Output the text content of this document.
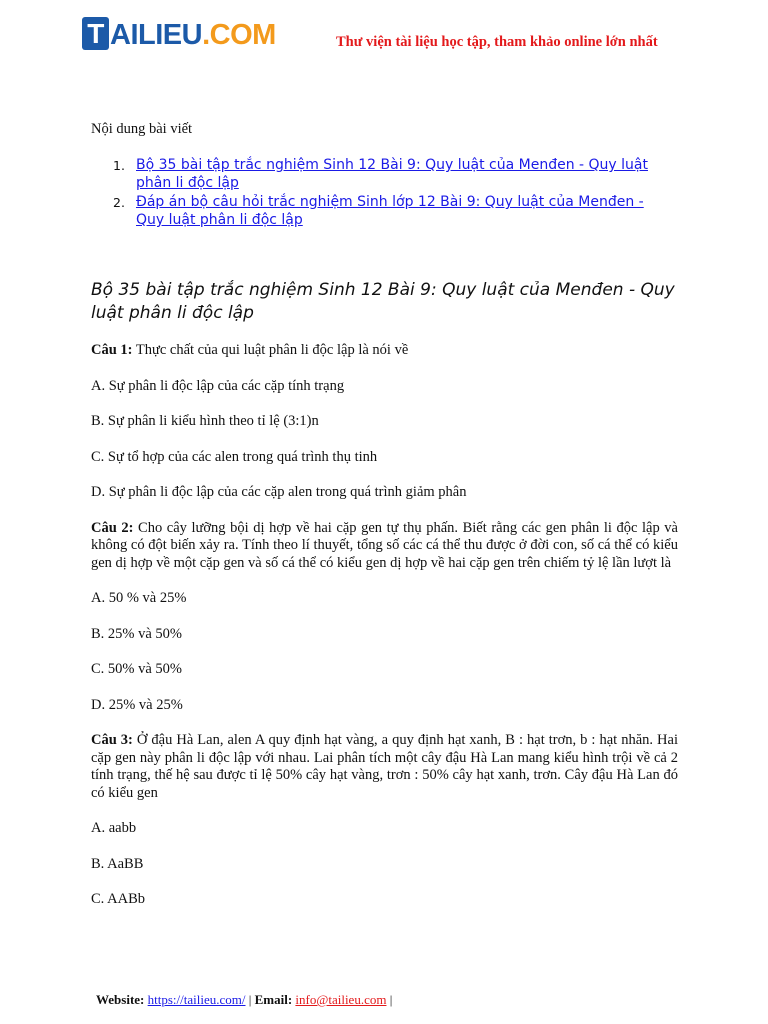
T AILIEU .COM	Thư viện tài liệu học tập, tham khảo online lớn nhất
Nội dung bài viết
1. Bộ 35 bài tập trắc nghiệm Sinh 12 Bài 9: Quy luật của Menđen - Quy luật phân li độc lập
2. Đáp án bộ câu hỏi trắc nghiệm Sinh lớp 12 Bài 9: Quy luật của Menđen - Quy luật phân li độc lập
Bộ 35 bài tập trắc nghiệm Sinh 12 Bài 9: Quy luật của Menđen - Quy luật phân li độc lập

Câu 1: Thực chất của qui luật phân li độc lập là nói về

A. Sự phân li độc lập của các cặp tính trạng

B. Sự phân li kiểu hình theo tỉ lệ (3:1)n

C. Sự tổ hợp của các alen trong quá trình thụ tinh

D. Sự phân li độc lập của các cặp alen trong quá trình giảm phân

Câu 2: Cho cây lưỡng bội dị hợp về hai cặp gen tự thụ phấn. Biết rằng các gen phân li độc lập và không có đột biến xảy ra. Tính theo lí thuyết, tổng số các cá thể thu được ở đời con, số cá thể có kiểu gen dị hợp về một cặp gen và số cá thể có kiểu gen dị hợp về hai cặp gen trên chiếm tỷ lệ lần lượt là

A. 50 % và 25%

B. 25% và 50%

C. 50% và 50%

D. 25% và 25%

Câu 3: Ở đậu Hà Lan, alen A quy định hạt vàng, a quy định hạt xanh, B : hạt trơn, b : hạt nhăn. Hai cặp gen này phân li độc lập với nhau. Lai phân tích một cây đậu Hà Lan mang kiểu hình trội về cả 2 tính trạng, thế hệ sau được tỉ lệ 50% cây hạt vàng, trơn : 50% cây hạt xanh, trơn. Cây đậu Hà Lan đó có kiểu gen

A. aabb

B. AaBB

C. AABb

Website: https://tailieu.com/ | Email: info@tailieu.com |
